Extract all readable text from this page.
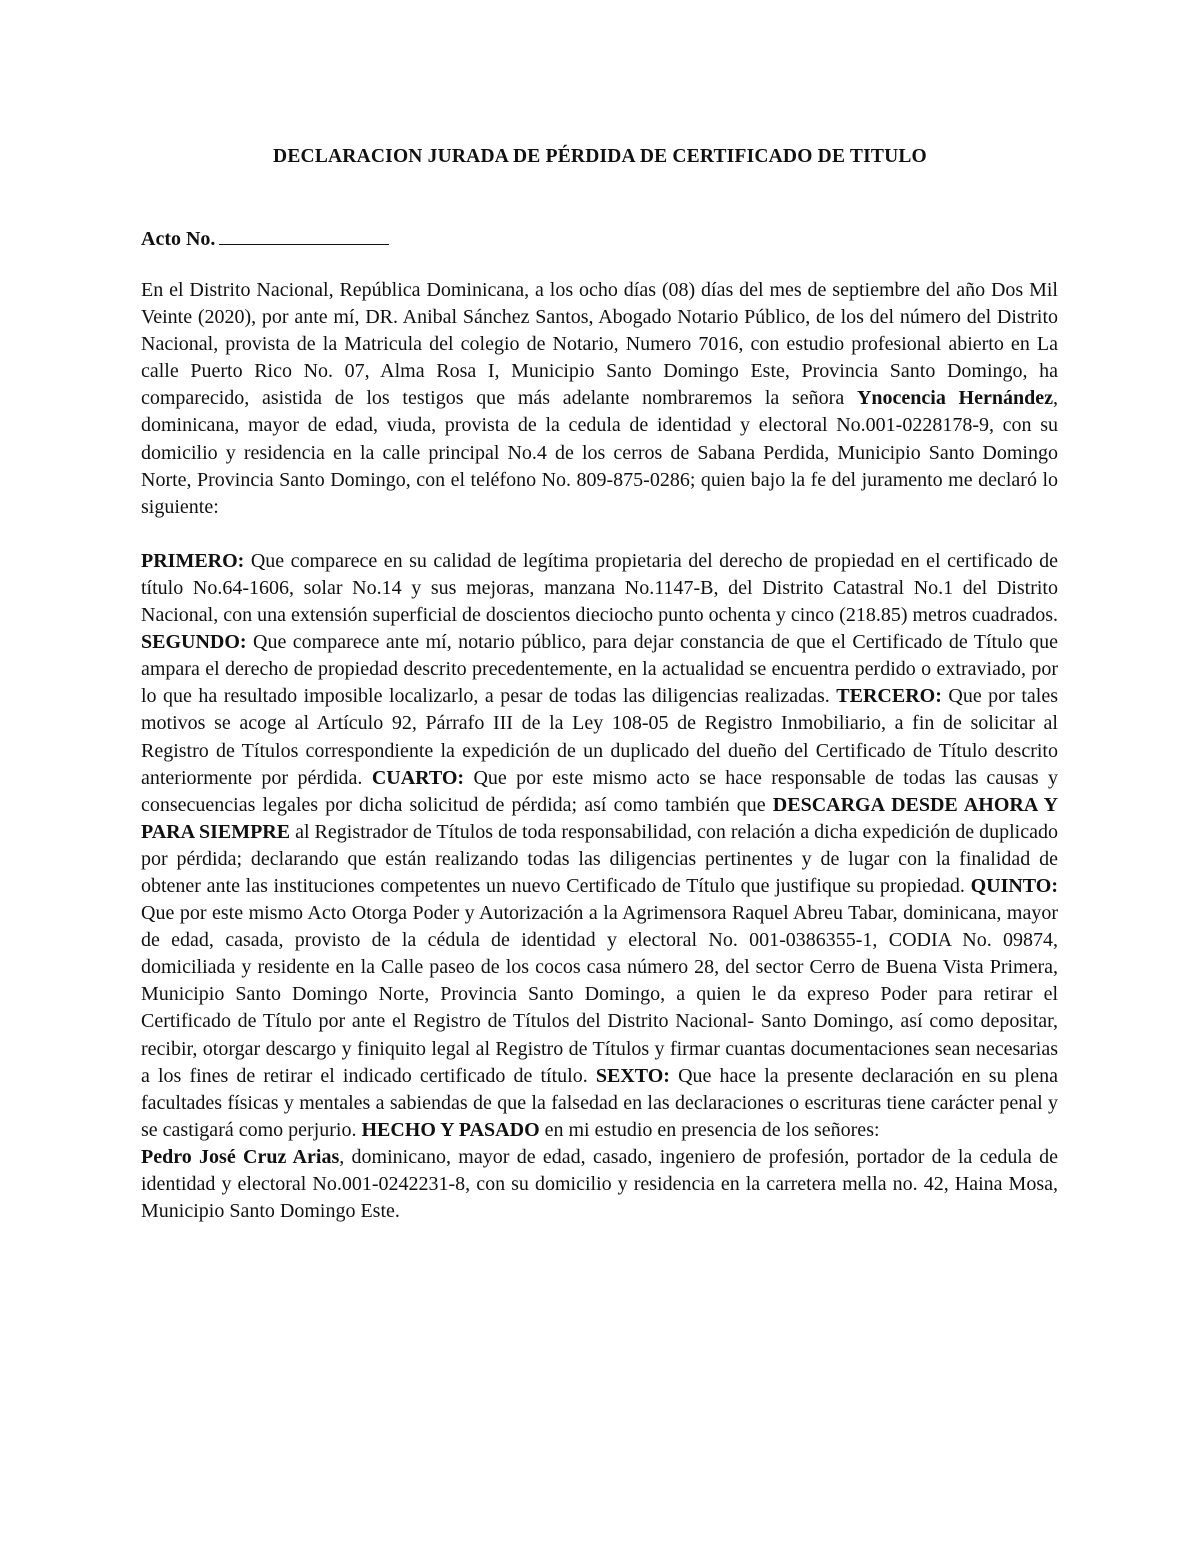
DECLARACION JURADA DE PÉRDIDA DE CERTIFICADO DE TITULO
Acto No.

En el Distrito Nacional, República Dominicana, a los ocho días (08) días del mes de septiembre del año Dos Mil Veinte (2020), por ante mí, DR. Anibal Sánchez Santos, Abogado Notario Público, de los del número del Distrito Nacional, provista de la Matricula del colegio de Notario, Numero 7016, con estudio profesional abierto en La calle Puerto Rico No. 07, Alma Rosa I, Municipio Santo Domingo Este, Provincia Santo Domingo, ha comparecido, asistida de los testigos que más adelante nombraremos la señora Ynocencia Hernández, dominicana, mayor de edad, viuda, provista de la cedula de identidad y electoral No.001-0228178-9, con su domicilio y residencia en la calle principal No.4 de los cerros de Sabana Perdida, Municipio Santo Domingo Norte, Provincia Santo Domingo, con el teléfono No. 809-875-0286; quien bajo la fe del juramento me declaró lo siguiente:

PRIMERO: Que comparece en su calidad de legítima propietaria del derecho de propiedad en el certificado de título No.64-1606, solar No.14 y sus mejoras, manzana No.1147-B, del Distrito Catastral No.1 del Distrito Nacional, con una extensión superficial de doscientos dieciocho punto ochenta y cinco (218.85) metros cuadrados. SEGUNDO: Que comparece ante mí, notario público, para dejar constancia de que el Certificado de Título que ampara el derecho de propiedad descrito precedentemente, en la actualidad se encuentra perdido o extraviado, por lo que ha resultado imposible localizarlo, a pesar de todas las diligencias realizadas. TERCERO: Que por tales motivos se acoge al Artículo 92, Párrafo III de la Ley 108-05 de Registro Inmobiliario, a fin de solicitar al Registro de Títulos correspondiente la expedición de un duplicado del dueño del Certificado de Título descrito anteriormente por pérdida. CUARTO: Que por este mismo acto se hace responsable de todas las causas y consecuencias legales por dicha solicitud de pérdida; así como también que DESCARGA DESDE AHORA Y PARA SIEMPRE al Registrador de Títulos de toda responsabilidad, con relación a dicha expedición de duplicado por pérdida; declarando que están realizando todas las diligencias pertinentes y de lugar con la finalidad de obtener ante las instituciones competentes un nuevo Certificado de Título que justifique su propiedad. QUINTO: Que por este mismo Acto Otorga Poder y Autorización a la Agrimensora Raquel Abreu Tabar, dominicana, mayor de edad, casada, provisto de la cédula de identidad y electoral No. 001-0386355-1, CODIA No. 09874, domiciliada y residente en la Calle paseo de los cocos casa número 28, del sector Cerro de Buena Vista Primera, Municipio Santo Domingo Norte, Provincia Santo Domingo, a quien le da expreso Poder para retirar el Certificado de Título por ante el Registro de Títulos del Distrito Nacional- Santo Domingo, así como depositar, recibir, otorgar descargo y finiquito legal al Registro de Títulos y firmar cuantas documentaciones sean necesarias a los fines de retirar el indicado certificado de título. SEXTO: Que hace la presente declaración en su plena facultades físicas y mentales a sabiendas de que la falsedad en las declaraciones o escrituras tiene carácter penal y se castigará como perjurio. HECHO Y PASADO en mi estudio en presencia de los señores:

Pedro José Cruz Arias, dominicano, mayor de edad, casado, ingeniero de profesión, portador de la cedula de identidad y electoral No.001-0242231-8, con su domicilio y residencia en la carretera mella no. 42, Haina Mosa, Municipio Santo Domingo Este.
